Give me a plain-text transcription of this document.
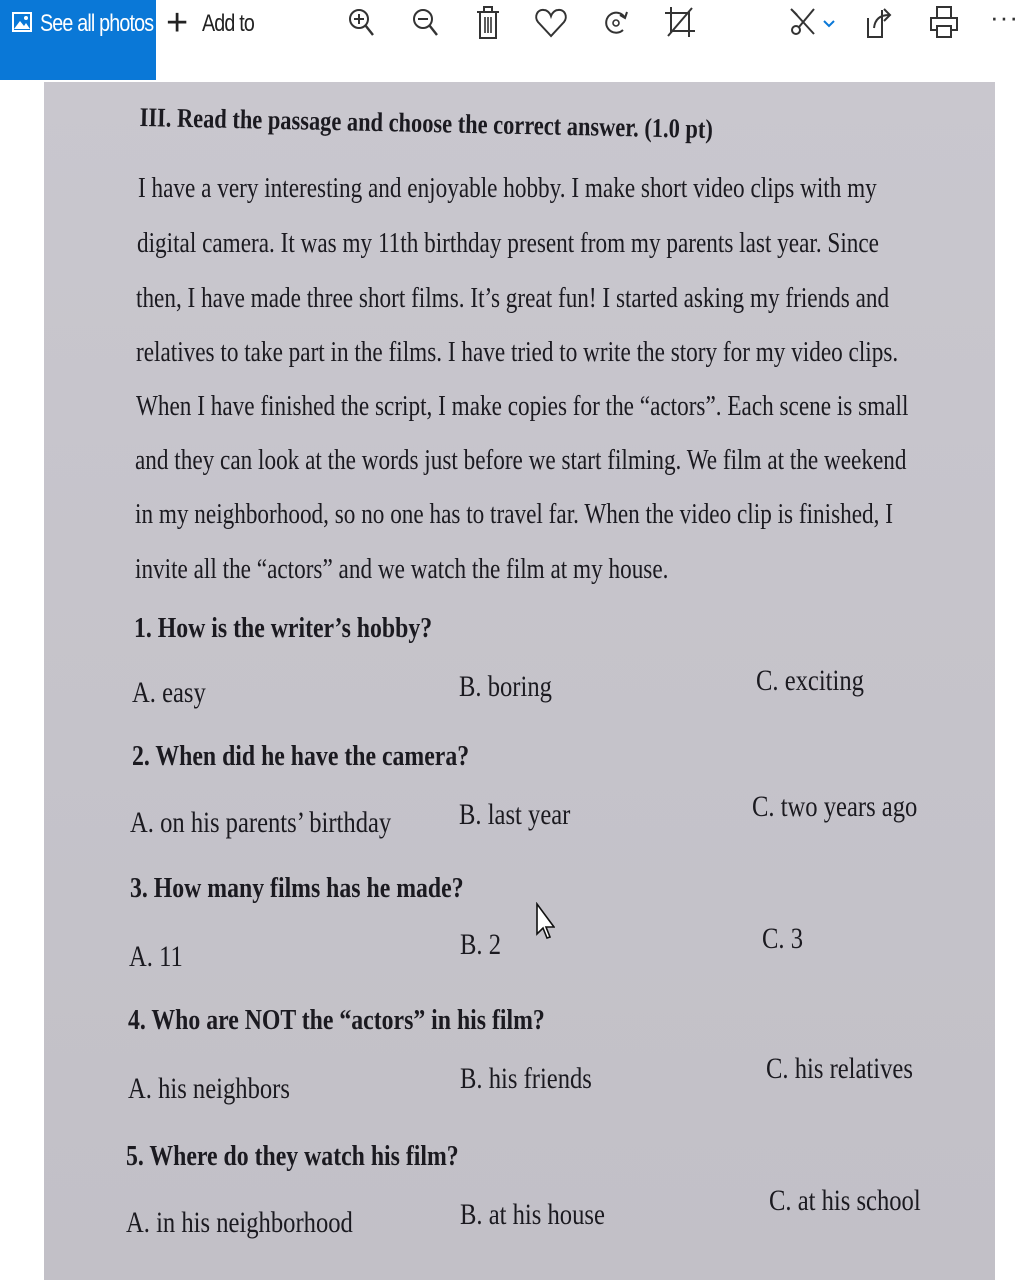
See all photos + Add to	···
III. Read the passage and choose the correct answer. (1.0 pt)
I have a very interesting and enjoyable hobby. I make short video clips with my
digital camera. It was my 11th birthday present from my parents last year. Since
then, I have made three short films. It’s great fun! I started asking my friends and
relatives to take part in the films. I have tried to write the story for my video clips.
When I have finished the script, I make copies for the “actors”. Each scene is small
and they can look at the words just before we start filming. We film at the weekend
in my neighborhood, so no one has to travel far. When the video clip is finished, I
invite all the “actors” and we watch the film at my house.
1. How is the writer’s hobby?
A. easy	B. boring	C. exciting
2. When did he have the camera?
A. on his parents’ birthday B. last year	C. two years ago
3. How many films has he made?
A. 11	B. 2	C. 3
4. Who are NOT the “actors” in his film?
A. his neighbors	B. his friends	C. his relatives
5. Where do they watch his film?
A. in his neighborhood	B. at his house	C. at his school
